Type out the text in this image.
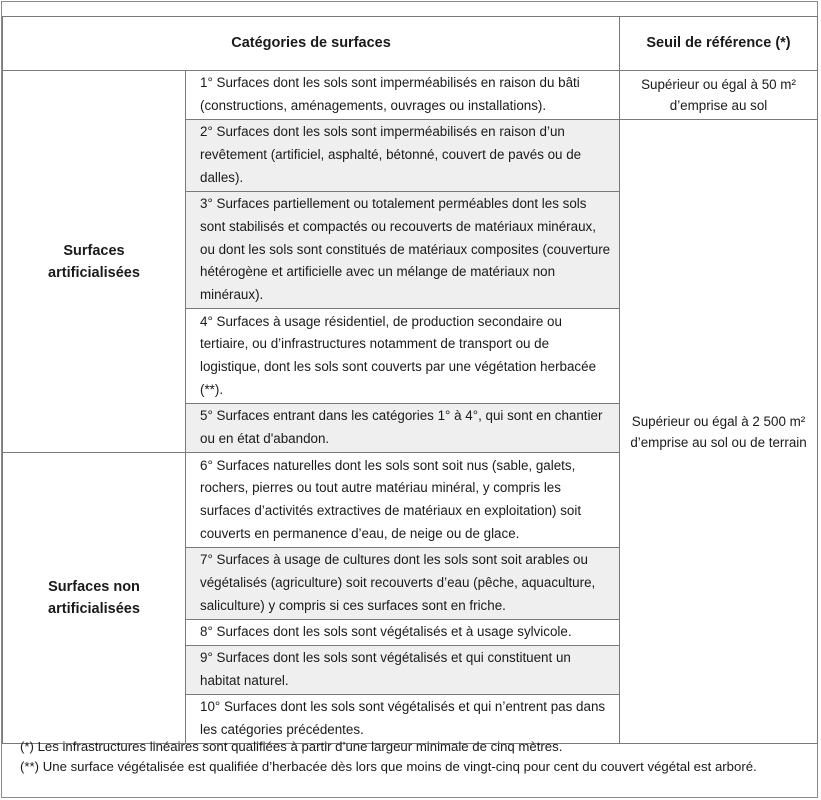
Catégories de surfaces		Seuil de référence (*)
Surfaces
artificialisées	1° Surfaces dont les sols sont imperméabilisés en raison du bâti (constructions, aménagements, ouvrages ou installations).	Supérieur ou égal à 50 m² d’emprise au sol
	2° Surfaces dont les sols sont imperméabilisés en raison d’un revêtement (artificiel, asphalté, bétonné, couvert de pavés ou de dalles).	Supérieur ou égal à 2 500 m² d’emprise au sol ou de terrain
	3° Surfaces partiellement ou totalement perméables dont les sols sont stabilisés et compactés ou recouverts de matériaux minéraux, ou dont les sols sont constitués de matériaux composites (couverture hétérogène et artificielle avec un mélange de matériaux non minéraux).	
	4° Surfaces à usage résidentiel, de production secondaire ou tertiaire, ou d’infrastructures notamment de transport ou de logistique, dont les sols sont couverts par une végétation herbacée (**).	
	5° Surfaces entrant dans les catégories 1° à 4°, qui sont en chantier ou en état d'abandon.	
Surfaces non
artificialisées	6° Surfaces naturelles dont les sols sont soit nus (sable, galets, rochers, pierres ou tout autre matériau minéral, y compris les surfaces d’activités extractives de matériaux en exploitation) soit couverts en permanence d’eau, de neige ou de glace.	
	7° Surfaces à usage de cultures dont les sols sont soit arables ou végétalisés (agriculture) soit recouverts d’eau (pêche, aquaculture, saliculture) y compris si ces surfaces sont en friche.	
	8° Surfaces dont les sols sont végétalisés et à usage sylvicole.	
	9° Surfaces dont les sols sont végétalisés et qui constituent un habitat naturel.	
	10° Surfaces dont les sols sont végétalisés et qui n’entrent pas dans les catégories précédentes.	

(*) Les infrastructures linéaires sont qualifiées à partir d’une largeur minimale de cinq mètres.

(**) Une surface végétalisée est qualifiée d’herbacée dès lors que moins de vingt-cinq pour cent du couvert végétal est arboré.
